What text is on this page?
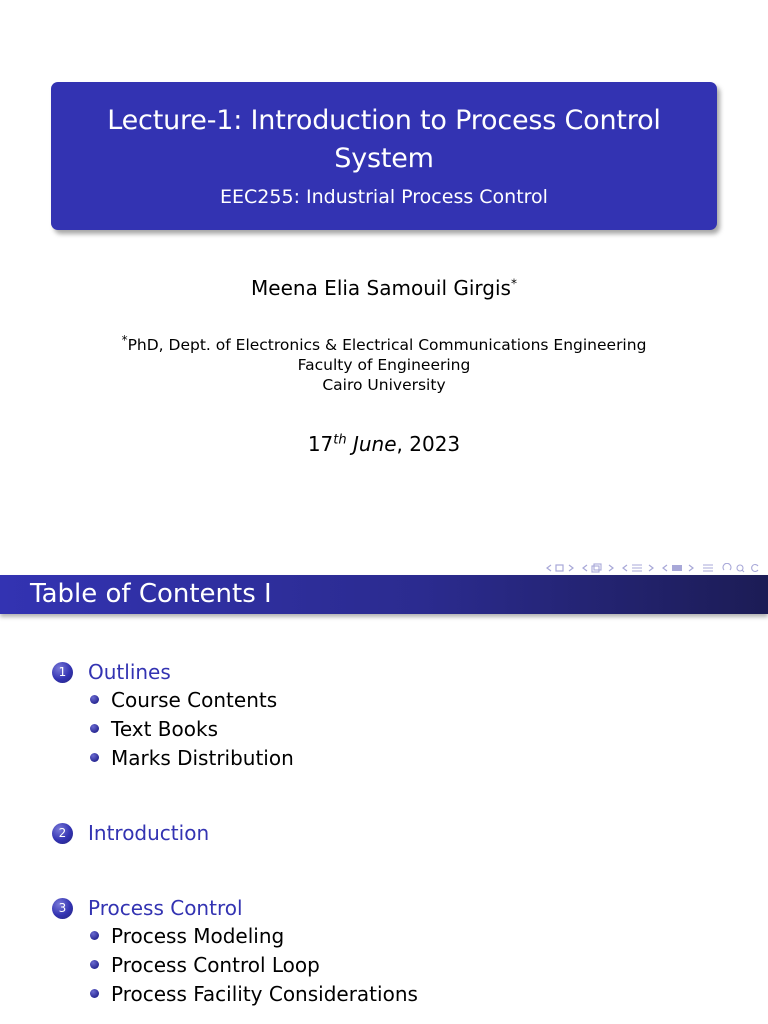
Lecture-1: Introduction to Process Control System
EEC255: Industrial Process Control
Meena Elia Samouil Girgis*
*PhD, Dept. of Electronics & Electrical Communications Engineering
Faculty of Engineering
Cairo University
17th June, 2023
Table of Contents I
1	Outlines
Course Contents
Text Books
Marks Distribution
2	Introduction
3	Process Control
Process Modeling
Process Control Loop
Process Facility Considerations
